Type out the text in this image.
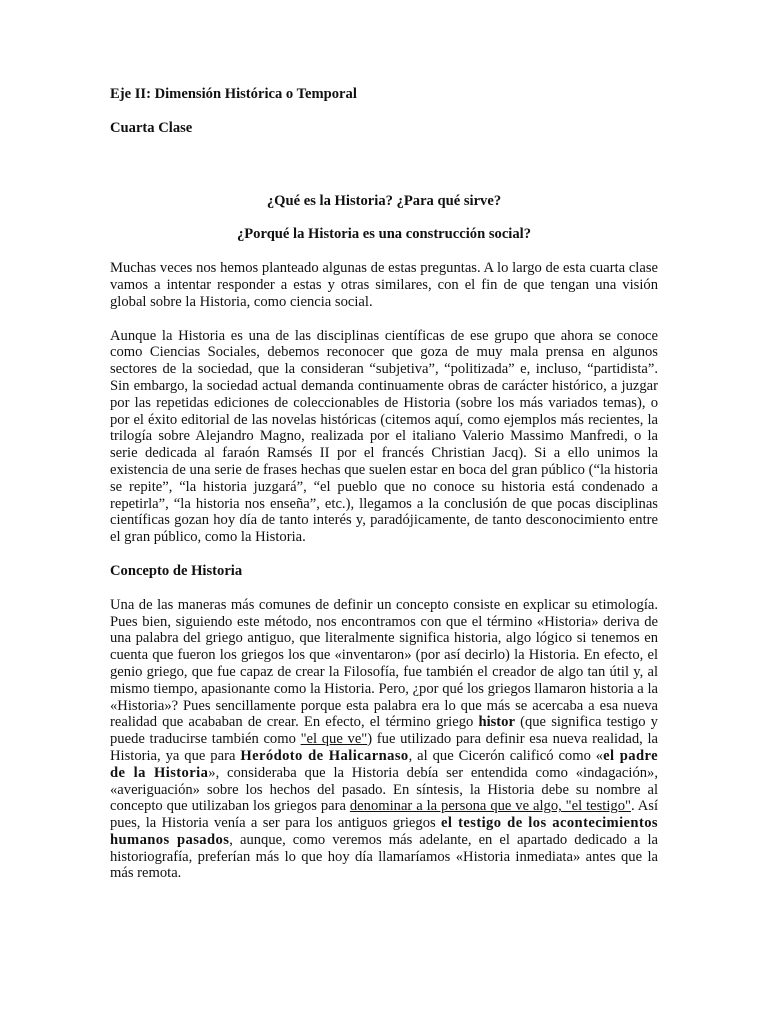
Eje II: Dimensión Histórica o Temporal

Cuarta Clase

¿Qué es la Historia? ¿Para qué sirve?

¿Porqué la Historia es una construcción social?

Muchas veces nos hemos planteado algunas de estas preguntas. A lo largo de esta cuarta clase vamos a intentar responder a estas y otras similares, con el fin de que tengan una visión global sobre la Historia, como ciencia social.

Aunque la Historia es una de las disciplinas científicas de ese grupo que ahora se conoce como Ciencias Sociales, debemos reconocer que goza de muy mala prensa en algunos sectores de la sociedad, que la consideran “subjetiva”, “politizada” e, incluso, “partidista”. Sin embargo, la sociedad actual demanda continuamente obras de carácter histórico, a juzgar por las repetidas ediciones de coleccionables de Historia (sobre los más variados temas), o por el éxito editorial de las novelas históricas (citemos aquí, como ejemplos más recientes, la trilogía sobre Alejandro Magno, realizada por el italiano Valerio Massimo Manfredi, o la serie dedicada al faraón Ramsés II por el francés Christian Jacq). Si a ello unimos la existencia de una serie de frases hechas que suelen estar en boca del gran público (“la historia se repite”, “la historia juzgará”, “el pueblo que no conoce su historia está condenado a repetirla”, “la historia nos enseña”, etc.), llegamos a la conclusión de que pocas disciplinas científicas gozan hoy día de tanto interés y, paradójicamente, de tanto desconocimiento entre el gran público, como la Historia.

Concepto de Historia

Una de las maneras más comunes de definir un concepto consiste en explicar su etimología. Pues bien, siguiendo este método, nos encontramos con que el término «Historia» deriva de una palabra del griego antiguo, que literalmente significa historia, algo lógico si tenemos en cuenta que fueron los griegos los que «inventaron» (por así decirlo) la Historia. En efecto, el genio griego, que fue capaz de crear la Filosofía, fue también el creador de algo tan útil y, al mismo tiempo, apasionante como la Historia. Pero, ¿por qué los griegos llamaron historia a la «Historia»? Pues sencillamente porque esta palabra era lo que más se acercaba a esa nueva realidad que acababan de crear. En efecto, el término griego histor (que significa testigo y puede traducirse también como "el que ve") fue utilizado para definir esa nueva realidad, la Historia, ya que para Heródoto de Halicarnaso, al que Cicerón calificó como «el padre de la Historia», consideraba que la Historia debía ser entendida como «indagación», «averiguación» sobre los hechos del pasado. En síntesis, la Historia debe su nombre al concepto que utilizaban los griegos para denominar a la persona que ve algo, "el testigo". Así pues, la Historia venía a ser para los antiguos griegos el testigo de los acontecimientos humanos pasados, aunque, como veremos más adelante, en el apartado dedicado a la historiografía, preferían más lo que hoy día llamaríamos «Historia inmediata» antes que la más remota.
